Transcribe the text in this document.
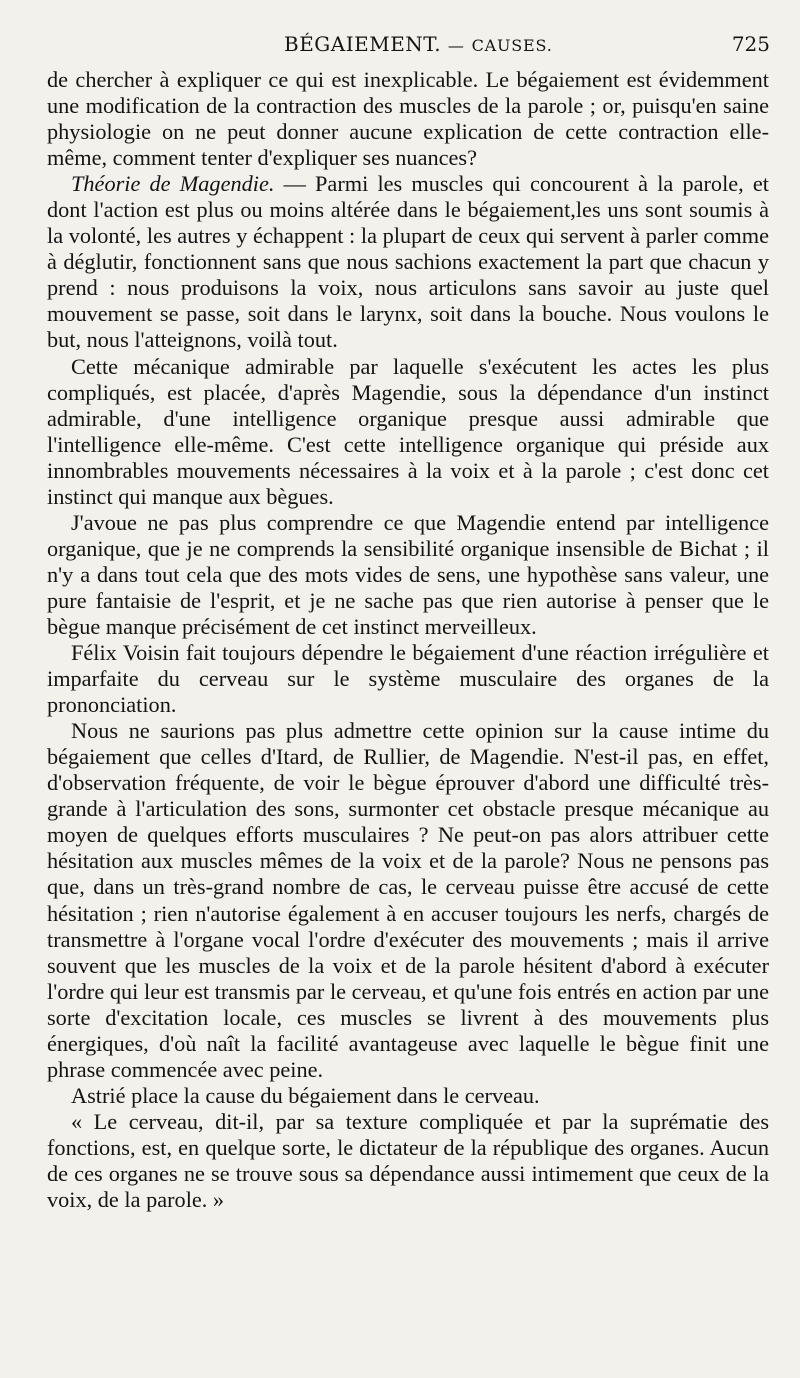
BÉGAIEMENT. — CAUSES.	725

de chercher à expliquer ce qui est inexplicable. Le bégaiement est évidemment une modification de la contraction des muscles de la parole ; or, puisqu'en saine physiologie on ne peut donner aucune explication de cette contraction elle-même, comment tenter d'expliquer ses nuances?

Théorie de Magendie. — Parmi les muscles qui concourent à la parole, et dont l'action est plus ou moins altérée dans le bégaiement,les uns sont soumis à la volonté, les autres y échappent : la plupart de ceux qui servent à parler comme à déglutir, fonctionnent sans que nous sachions exactement la part que chacun y prend : nous produisons la voix, nous articulons sans savoir au juste quel mouvement se passe, soit dans le larynx, soit dans la bouche. Nous voulons le but, nous l'atteignons, voilà tout.

Cette mécanique admirable par laquelle s'exécutent les actes les plus compliqués, est placée, d'après Magendie, sous la dépendance d'un instinct admirable, d'une intelligence organique presque aussi admirable que l'intelligence elle-même. C'est cette intelligence organique qui préside aux innombrables mouvements nécessaires à la voix et à la parole ; c'est donc cet instinct qui manque aux bègues.

J'avoue ne pas plus comprendre ce que Magendie entend par intelligence organique, que je ne comprends la sensibilité organique insensible de Bichat ; il n'y a dans tout cela que des mots vides de sens, une hypothèse sans valeur, une pure fantaisie de l'esprit, et je ne sache pas que rien autorise à penser que le bègue manque précisément de cet instinct merveilleux.

Félix Voisin fait toujours dépendre le bégaiement d'une réaction irrégulière et imparfaite du cerveau sur le système musculaire des organes de la prononciation.

Nous ne saurions pas plus admettre cette opinion sur la cause intime du bégaiement que celles d'Itard, de Rullier, de Magendie. N'est-il pas, en effet, d'observation fréquente, de voir le bègue éprouver d'abord une difficulté très-grande à l'articulation des sons, surmonter cet obstacle presque mécanique au moyen de quelques efforts musculaires ? Ne peut-on pas alors attribuer cette hésitation aux muscles mêmes de la voix et de la parole? Nous ne pensons pas que, dans un très-grand nombre de cas, le cerveau puisse être accusé de cette hésitation ; rien n'autorise également à en accuser toujours les nerfs, chargés de transmettre à l'organe vocal l'ordre d'exécuter des mouvements ; mais il arrive souvent que les muscles de la voix et de la parole hésitent d'abord à exécuter l'ordre qui leur est transmis par le cerveau, et qu'une fois entrés en action par une sorte d'excitation locale, ces muscles se livrent à des mouvements plus énergiques, d'où naît la facilité avantageuse avec laquelle le bègue finit une phrase commencée avec peine.

Astrié place la cause du bégaiement dans le cerveau.

« Le cerveau, dit-il, par sa texture compliquée et par la suprématie des fonctions, est, en quelque sorte, le dictateur de la république des organes. Aucun de ces organes ne se trouve sous sa dépendance aussi intimement que ceux de la voix, de la parole. »
